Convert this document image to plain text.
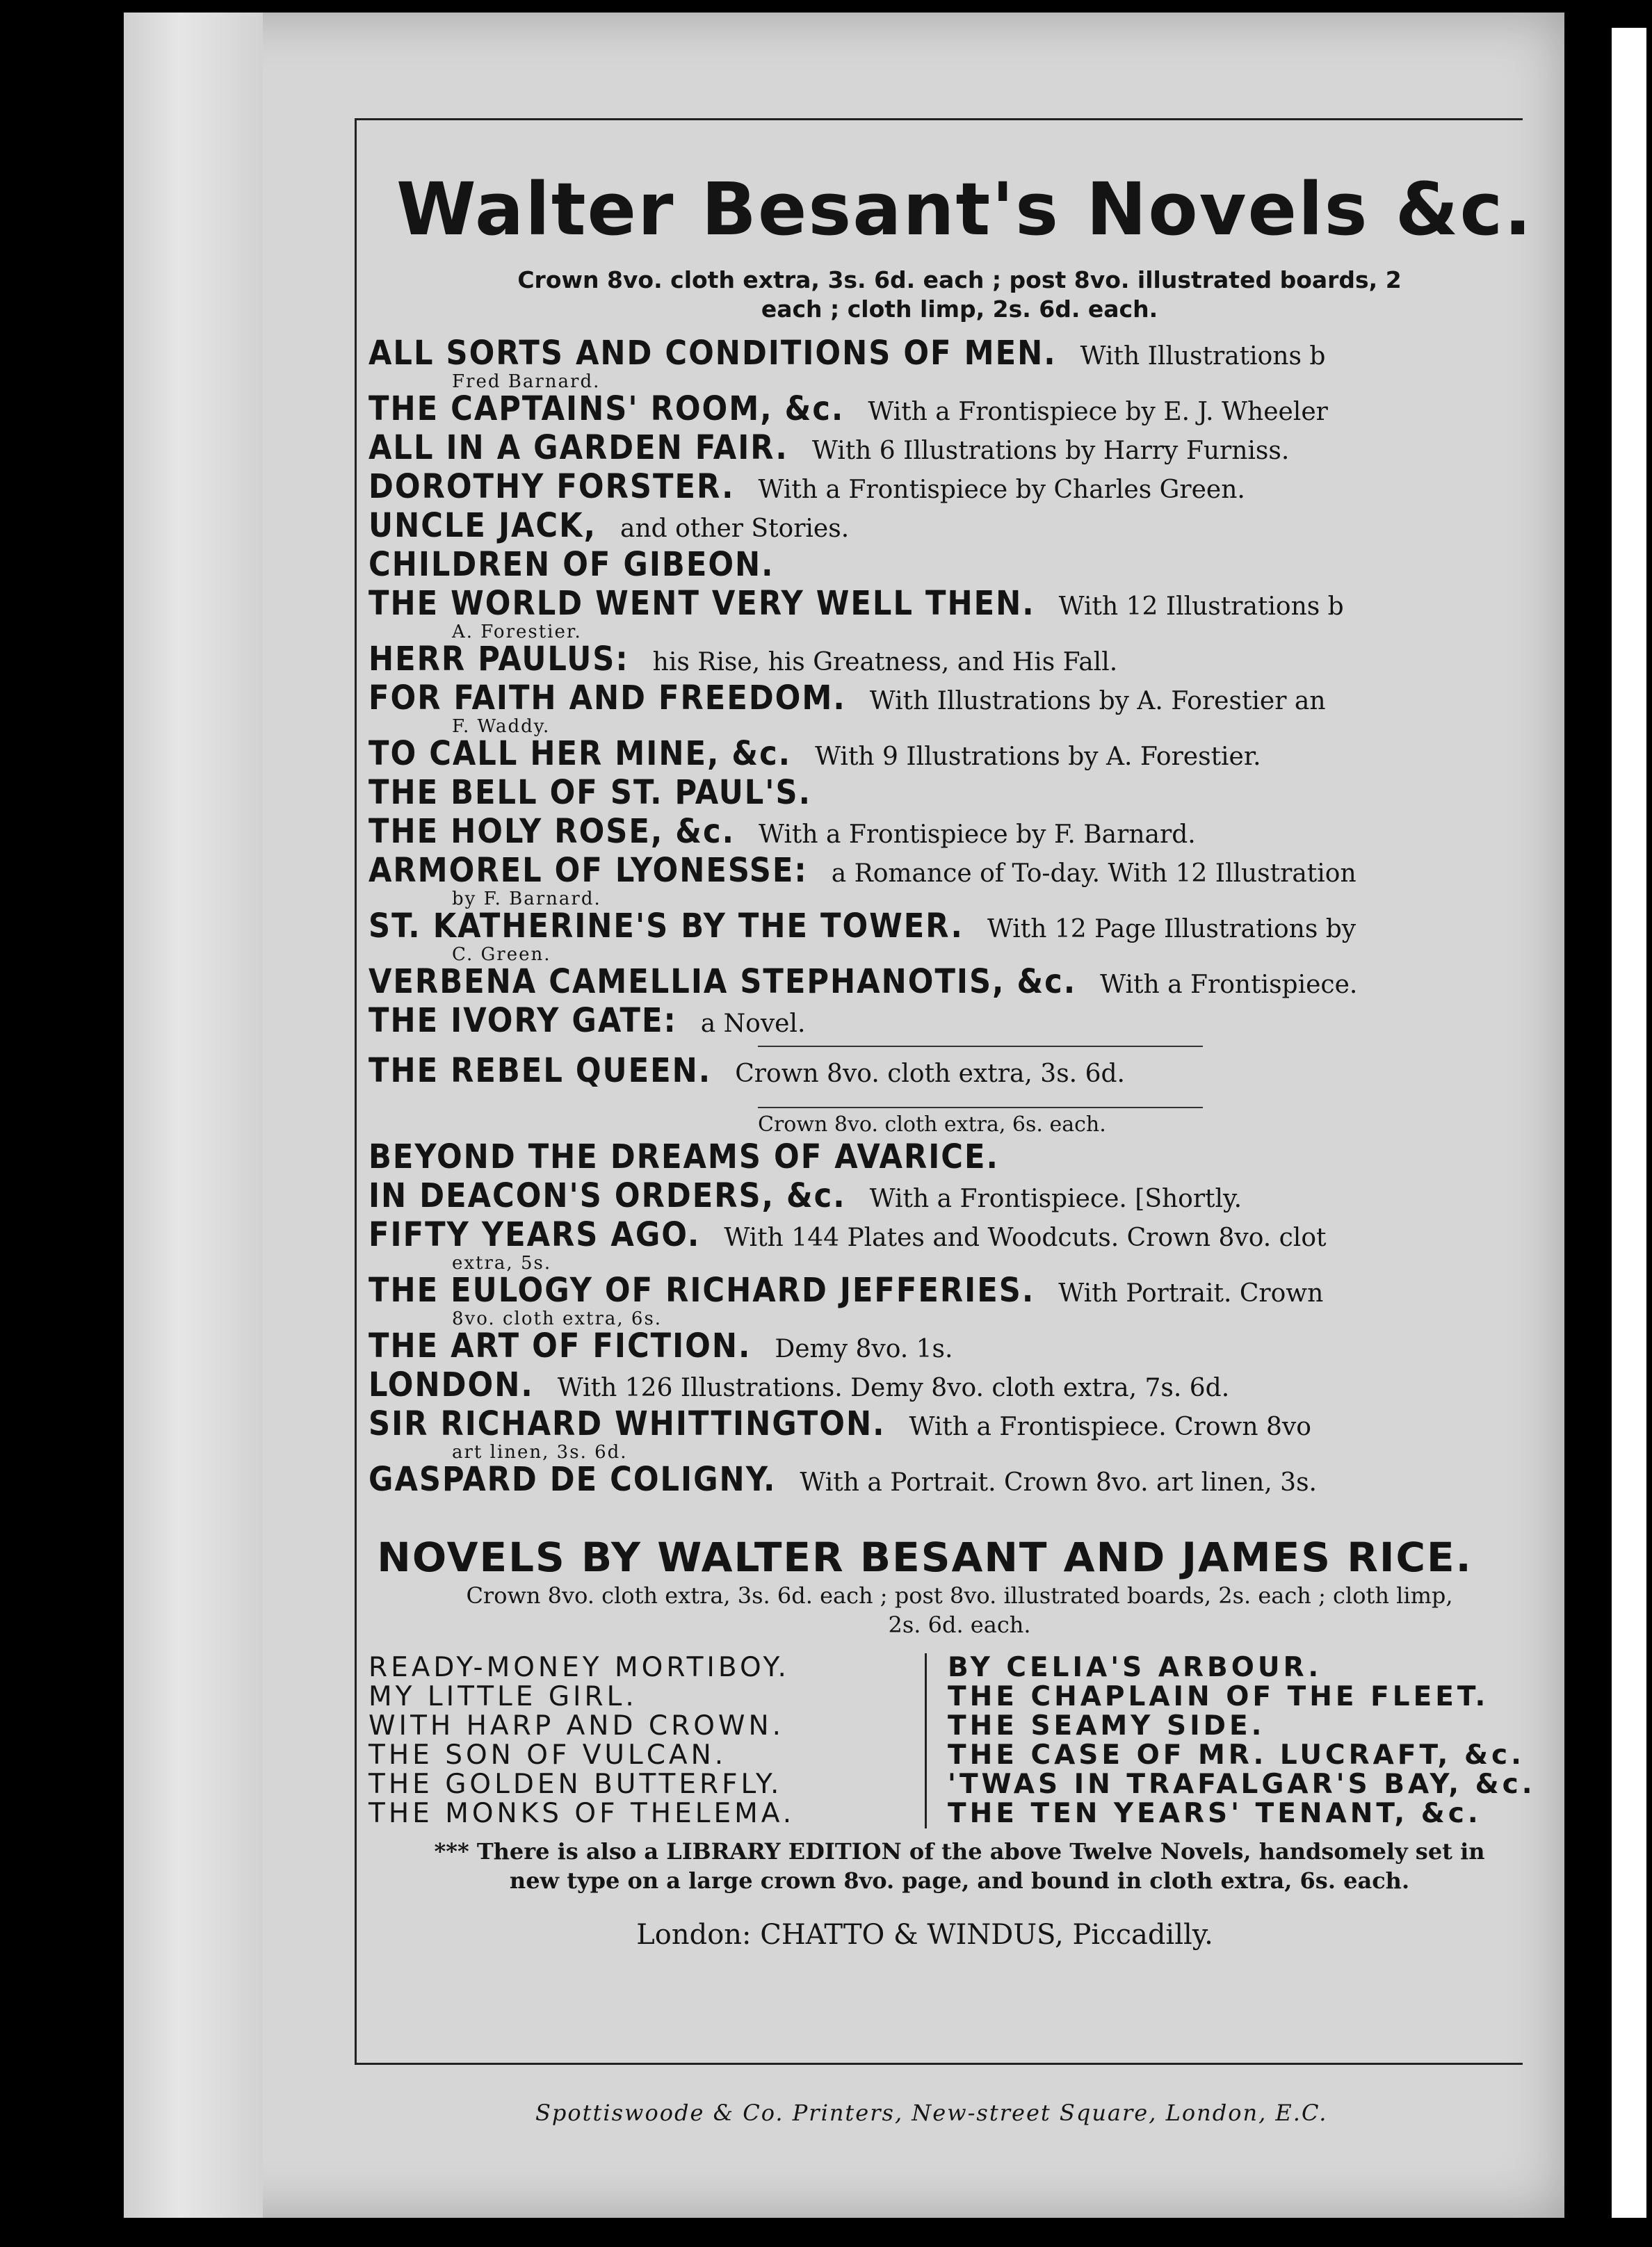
Walter Besant's Novels &c.
Crown 8vo. cloth extra, 3s. 6d. each ; post 8vo. illustrated boards, 2
each ; cloth limp, 2s. 6d. each.
ALL SORTS AND CONDITIONS OF MEN. With Illustrations b
Fred Barnard.
THE CAPTAINS' ROOM, &c. With a Frontispiece by E. J. Wheeler
ALL IN A GARDEN FAIR. With 6 Illustrations by Harry Furniss.
DOROTHY FORSTER. With a Frontispiece by Charles Green.
UNCLE JACK, and other Stories.
CHILDREN OF GIBEON.
THE WORLD WENT VERY WELL THEN. With 12 Illustrations b
A. Forestier.
HERR PAULUS: his Rise, his Greatness, and His Fall.
FOR FAITH AND FREEDOM. With Illustrations by A. Forestier an
F. Waddy.
TO CALL HER MINE, &c. With 9 Illustrations by A. Forestier.
THE BELL OF ST. PAUL'S.
THE HOLY ROSE, &c. With a Frontispiece by F. Barnard.
ARMOREL OF LYONESSE: a Romance of To-day. With 12 Illustration
by F. Barnard.
ST. KATHERINE'S BY THE TOWER. With 12 Page Illustrations by
C. Green.
VERBENA CAMELLIA STEPHANOTIS, &c. With a Frontispiece.
THE IVORY GATE: a Novel.
THE REBEL QUEEN. Crown 8vo. cloth extra, 3s. 6d.
Crown 8vo. cloth extra, 6s. each.
BEYOND THE DREAMS OF AVARICE.
IN DEACON'S ORDERS, &c. With a Frontispiece. [Shortly.
FIFTY YEARS AGO. With 144 Plates and Woodcuts. Crown 8vo. clot
extra, 5s.
THE EULOGY OF RICHARD JEFFERIES. With Portrait. Crown
8vo. cloth extra, 6s.
THE ART OF FICTION. Demy 8vo. 1s.
LONDON. With 126 Illustrations. Demy 8vo. cloth extra, 7s. 6d.
SIR RICHARD WHITTINGTON. With a Frontispiece. Crown 8vo
art linen, 3s. 6d.
GASPARD DE COLIGNY. With a Portrait. Crown 8vo. art linen, 3s.
NOVELS BY WALTER BESANT AND JAMES RICE.
Crown 8vo. cloth extra, 3s. 6d. each ; post 8vo. illustrated boards, 2s. each ; cloth limp,
2s. 6d. each.
READY-MONEY MORTIBOY.
MY LITTLE GIRL.
WITH HARP AND CROWN.
THE SON OF VULCAN.
THE GOLDEN BUTTERFLY.
THE MONKS OF THELEMA.
BY CELIA'S ARBOUR.
THE CHAPLAIN OF THE FLEET.
THE SEAMY SIDE.
THE CASE OF MR. LUCRAFT, &c.
'TWAS IN TRAFALGAR'S BAY, &c.
THE TEN YEARS' TENANT, &c.
*** There is also a LIBRARY EDITION of the above Twelve Novels, handsomely set in
new type on a large crown 8vo. page, and bound in cloth extra, 6s. each.
London: CHATTO & WINDUS, Piccadilly.
Spottiswoode & Co. Printers, New-street Square, London, E.C.
